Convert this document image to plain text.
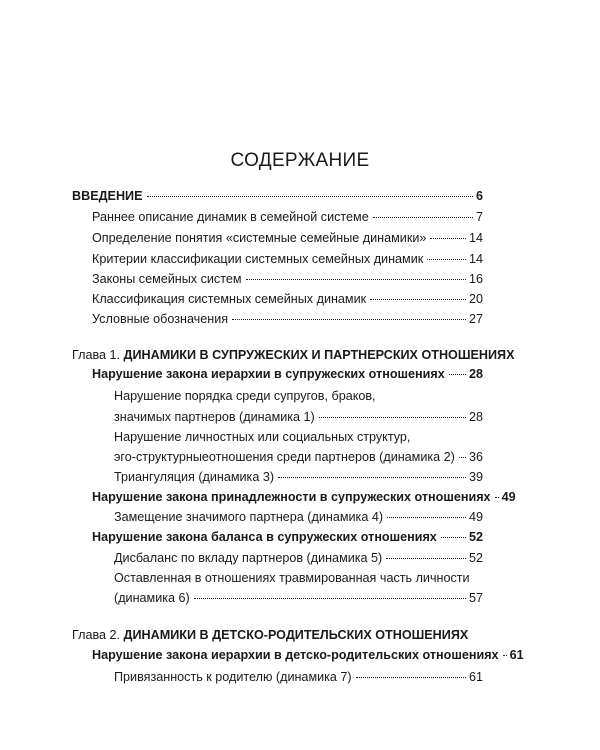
СОДЕРЖАНИЕ
ВВЕДЕНИЕ	6
Раннее описание динамик в семейной системе	7
Определение понятия «системные семейные динамики»	14
Критерии классификации системных семейных динамик	14
Законы семейных систем	16
Классификация системных семейных динамик	20
Условные обозначения	27
Глава 1. ДИНАМИКИ В СУПРУЖЕСКИХ И ПАРТНЕРСКИХ ОТНОШЕНИЯХ
Нарушение закона иерархии в супружеских отношениях 28
Нарушение порядка среди супругов, браков,
значимых партнеров (динамика 1)	28
Нарушение личностных или социальных структур,
эго-структурныеотношения среди партнеров (динамика 2) 36
Триангуляция (динамика 3)	39
Нарушение закона принадлежности в супружеских отношениях 49
Замещение значимого партнера (динамика 4)	49
Нарушение закона баланса в супружеских отношениях	52
Дисбаланс по вкладу партнеров (динамика 5)	52
Оставленная в отношениях травмированная часть личности
(динамика 6)	57
Глава 2. ДИНАМИКИ В ДЕТСКО-РОДИТЕЛЬСКИХ ОТНОШЕНИЯХ
Нарушение закона иерархии в детско-родительских отношениях 61
Привязанность к родителю (динамика 7)	61
